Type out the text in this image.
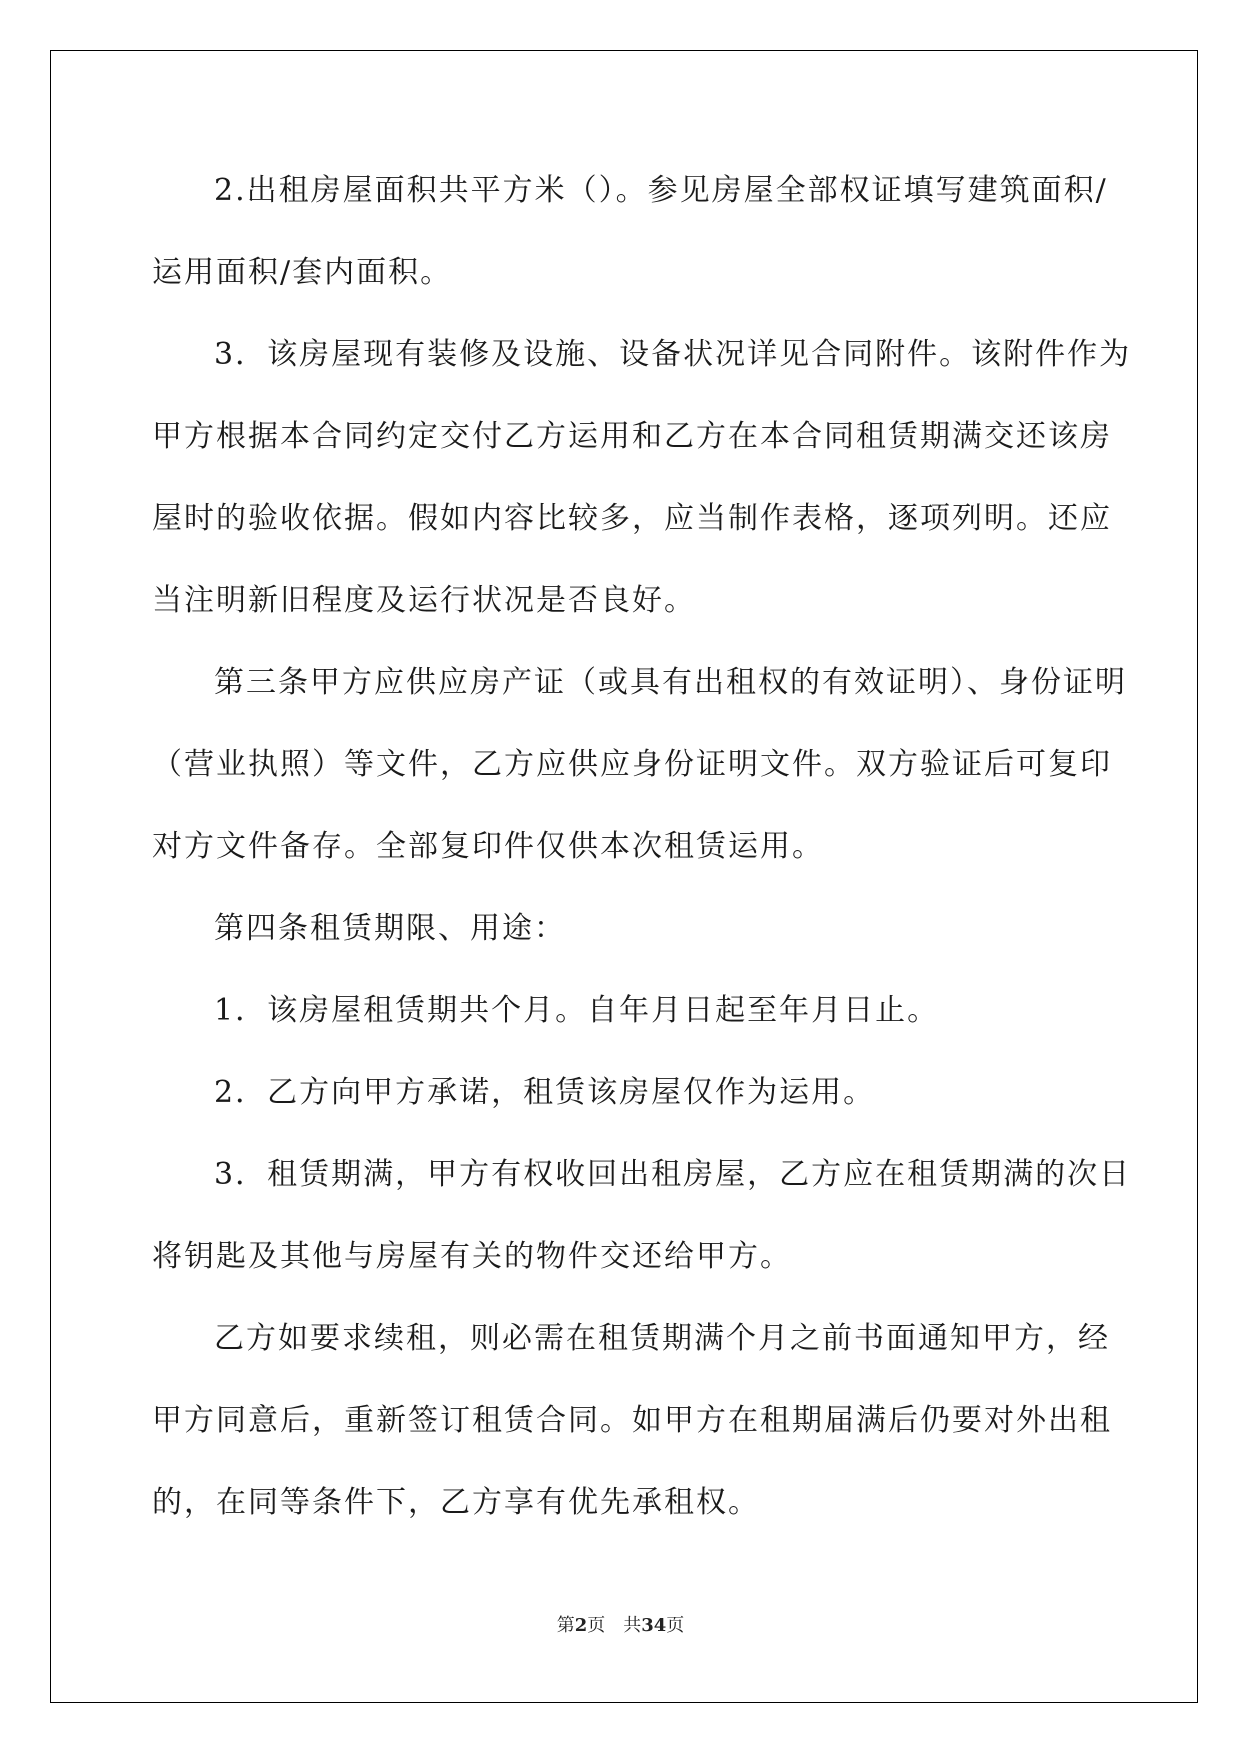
2.出租房屋面积共平方米（）。参见房屋全部权证填写建筑面积/
运用面积/套内面积。
3．该房屋现有装修及设施、设备状况详见合同附件。该附件作为
甲方根据本合同约定交付乙方运用和乙方在本合同租赁期满交还该房
屋时的验收依据。假如内容比较多，应当制作表格，逐项列明。还应
当注明新旧程度及运行状况是否良好。
第三条甲方应供应房产证（或具有出租权的有效证明）、身份证明
（营业执照）等文件，乙方应供应身份证明文件。双方验证后可复印
对方文件备存。全部复印件仅供本次租赁运用。
第四条租赁期限、用途：
1．该房屋租赁期共个月。自年月日起至年月日止。
2．乙方向甲方承诺，租赁该房屋仅作为运用。
3．租赁期满，甲方有权收回出租房屋，乙方应在租赁期满的次日
将钥匙及其他与房屋有关的物件交还给甲方。
乙方如要求续租，则必需在租赁期满个月之前书面通知甲方，经
甲方同意后，重新签订租赁合同。如甲方在租期届满后仍要对外出租
的，在同等条件下，乙方享有优先承租权。
第2页 共34页
